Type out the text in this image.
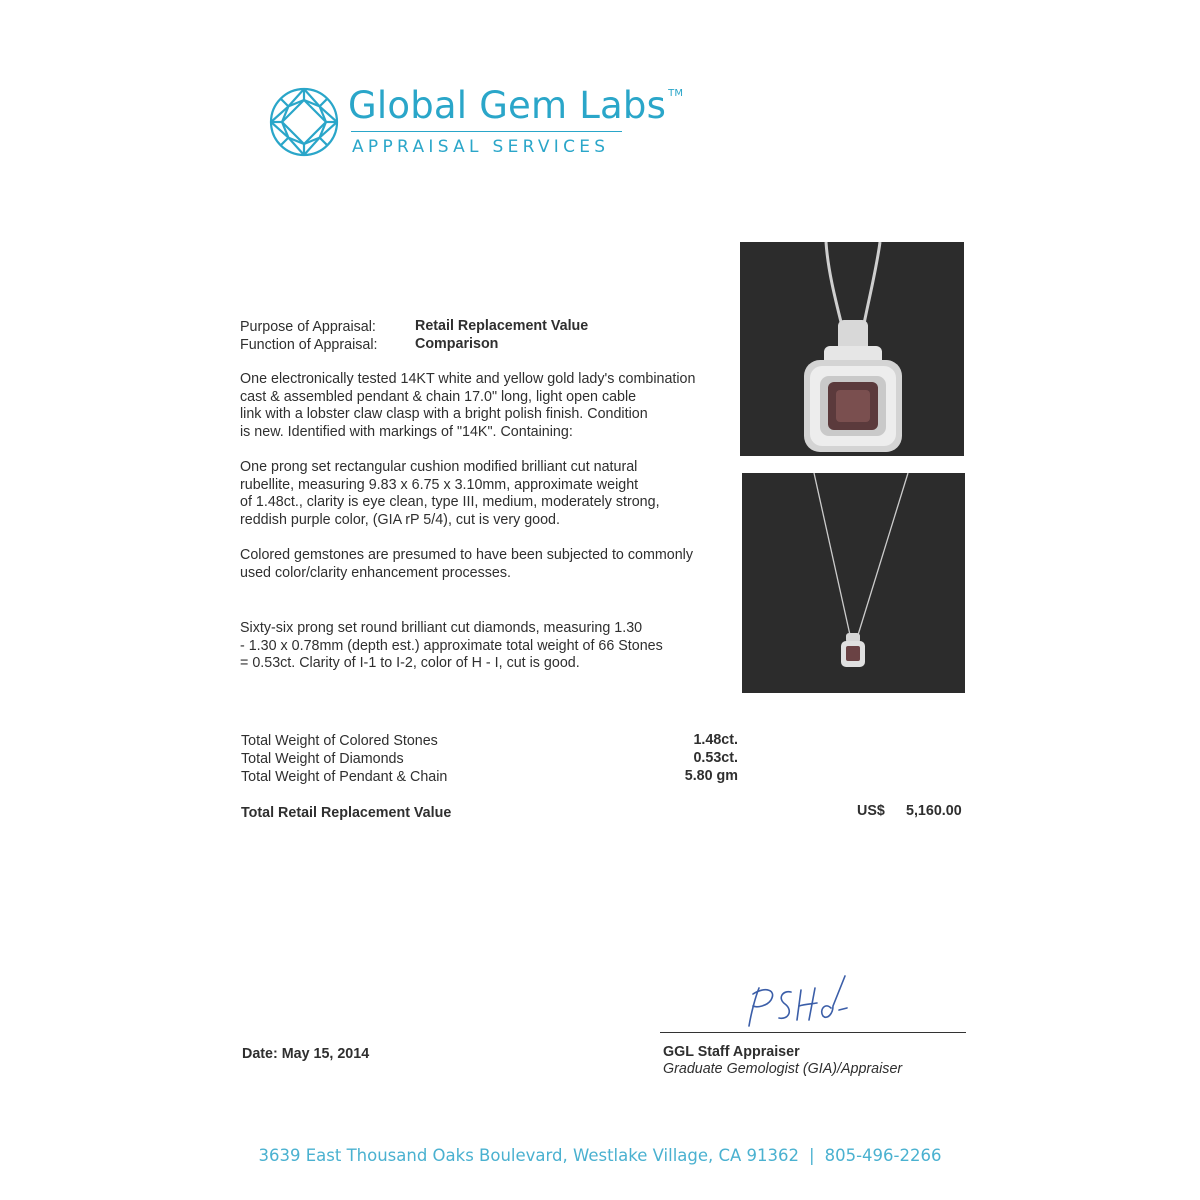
Global Gem Labs ™
APPRAISAL SERVICES
Purpose of Appraisal:	Retail Replacement Value
Function of Appraisal:	Comparison
One electronically tested 14KT white and yellow gold lady's combination
cast & assembled pendant & chain 17.0" long, light open cable
link with a lobster claw clasp with a bright polish finish. Condition
is new. Identified with markings of "14K". Containing:
One prong set rectangular cushion modified brilliant cut natural
rubellite, measuring 9.83 x 6.75 x 3.10mm, approximate weight
of 1.48ct., clarity is eye clean, type III, medium, moderately strong,
reddish purple color, (GIA rP 5/4), cut is very good.
Colored gemstones are presumed to have been subjected to commonly
used color/clarity enhancement processes.
Sixty-six prong set round brilliant cut diamonds, measuring 1.30
- 1.30 x 0.78mm (depth est.) approximate total weight of 66 Stones
= 0.53ct. Clarity of I-1 to I-2, color of H - I, cut is good.
Total Weight of Colored Stones	1.48ct.
Total Weight of Diamonds	0.53ct.
Total Weight of Pendant & Chain	5.80 gm
Total Retail Replacement Value	US$ 5,160.00
Date: May 15, 2014	GGL Staff Appraiser
Graduate Gemologist (GIA)/Appraiser
3639 East Thousand Oaks Boulevard, Westlake Village, CA 91362 | 805-496-2266
